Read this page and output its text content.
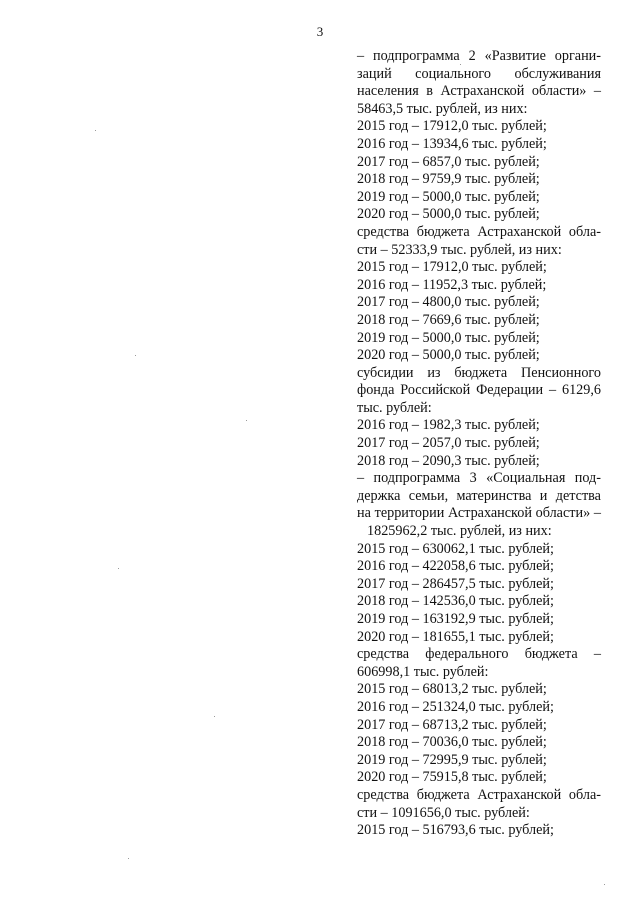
3
– подпрограмма 2 «Развитие органи-
заций социального обслуживания
населения в Астраханской области» –
58463,5 тыс. рублей, из них:
2015 год – 17912,0 тыс. рублей;
2016 год – 13934,6 тыс. рублей;
2017 год – 6857,0 тыс. рублей;
2018 год – 9759,9 тыс. рублей;
2019 год – 5000,0 тыс. рублей;
2020 год – 5000,0 тыс. рублей;
средства бюджета Астраханской обла-
сти – 52333,9 тыс. рублей, из них:
2015 год – 17912,0 тыс. рублей;
2016 год – 11952,3 тыс. рублей;
2017 год – 4800,0 тыс. рублей;
2018 год – 7669,6 тыс. рублей;
2019 год – 5000,0 тыс. рублей;
2020 год – 5000,0 тыс. рублей;
субсидии из бюджета Пенсионного
фонда Российской Федерации – 6129,6
тыс. рублей:
2016 год – 1982,3 тыс. рублей;
2017 год – 2057,0 тыс. рублей;
2018 год – 2090,3 тыс. рублей;
– подпрограмма 3 «Социальная под-
держка семьи, материнства и детства
на территории Астраханской области» –
1825962,2 тыс. рублей, из них:
2015 год – 630062,1 тыс. рублей;
2016 год – 422058,6 тыс. рублей;
2017 год – 286457,5 тыс. рублей;
2018 год – 142536,0 тыс. рублей;
2019 год – 163192,9 тыс. рублей;
2020 год – 181655,1 тыс. рублей;
средства федерального бюджета –
606998,1 тыс. рублей:
2015 год – 68013,2 тыс. рублей;
2016 год – 251324,0 тыс. рублей;
2017 год – 68713,2 тыс. рублей;
2018 год – 70036,0 тыс. рублей;
2019 год – 72995,9 тыс. рублей;
2020 год – 75915,8 тыс. рублей;
средства бюджета Астраханской обла-
сти – 1091656,0 тыс. рублей:
2015 год – 516793,6 тыс. рублей;
